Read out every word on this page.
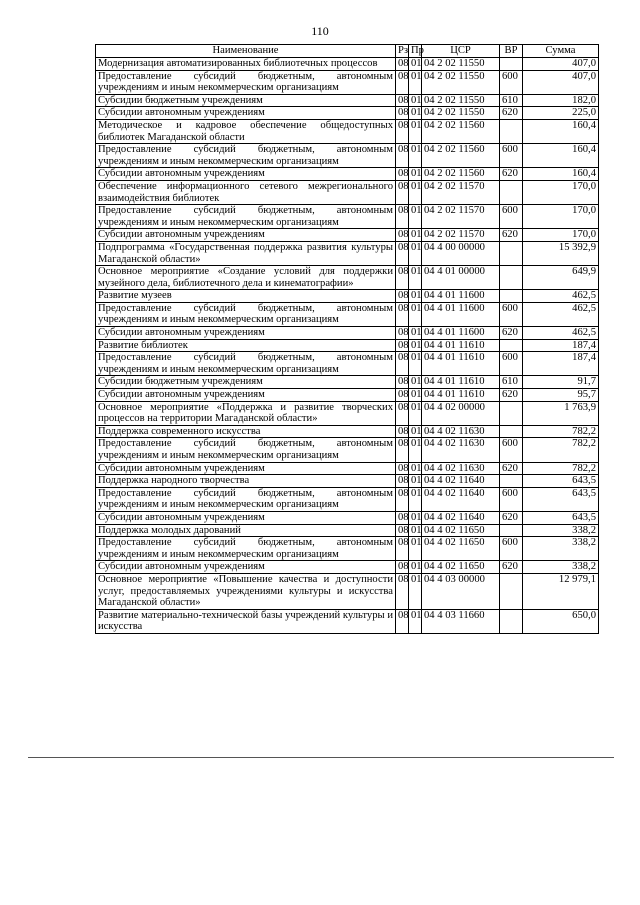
110
Наименование	Рз	Пр	ЦСР	ВР	Сумма
Модернизация автоматизированных библиотечных процессов	08	01	04 2 02 11550		407,0
Предоставление субсидий бюджетным, автономным учреждениям и иным некоммерческим организациям	08	01	04 2 02 11550	600	407,0
Субсидии бюджетным учреждениям	08	01	04 2 02 11550	610	182,0
Субсидии автономным учреждениям	08	01	04 2 02 11550	620	225,0
Методическое и кадровое обеспечение общедоступных библиотек Магаданской области	08	01	04 2 02 11560		160,4
Предоставление субсидий бюджетным, автономным учреждениям и иным некоммерческим организациям	08	01	04 2 02 11560	600	160,4
Субсидии автономным учреждениям	08	01	04 2 02 11560	620	160,4
Обеспечение информационного сетевого межрегионального взаимодействия библиотек	08	01	04 2 02 11570		170,0
Предоставление субсидий бюджетным, автономным учреждениям и иным некоммерческим организациям	08	01	04 2 02 11570	600	170,0
Субсидии автономным учреждениям	08	01	04 2 02 11570	620	170,0
Подпрограмма «Государственная поддержка развития культуры Магаданской области»	08	01	04 4 00 00000		15 392,9
Основное мероприятие «Создание условий для поддержки музейного дела, библиотечного дела и кинематографии»	08	01	04 4 01 00000		649,9
Развитие музеев	08	01	04 4 01 11600		462,5
Предоставление субсидий бюджетным, автономным учреждениям и иным некоммерческим организациям	08	01	04 4 01 11600	600	462,5
Субсидии автономным учреждениям	08	01	04 4 01 11600	620	462,5
Развитие библиотек	08	01	04 4 01 11610		187,4
Предоставление субсидий бюджетным, автономным учреждениям и иным некоммерческим организациям	08	01	04 4 01 11610	600	187,4
Субсидии бюджетным учреждениям	08	01	04 4 01 11610	610	91,7
Субсидии автономным учреждениям	08	01	04 4 01 11610	620	95,7
Основное мероприятие «Поддержка и развитие творческих процессов на территории Магаданской области»	08	01	04 4 02 00000		1 763,9
Поддержка современного искусства	08	01	04 4 02 11630		782,2
Предоставление субсидий бюджетным, автономным учреждениям и иным некоммерческим организациям	08	01	04 4 02 11630	600	782,2
Субсидии автономным учреждениям	08	01	04 4 02 11630	620	782,2
Поддержка народного творчества	08	01	04 4 02 11640		643,5
Предоставление субсидий бюджетным, автономным учреждениям и иным некоммерческим организациям	08	01	04 4 02 11640	600	643,5
Субсидии автономным учреждениям	08	01	04 4 02 11640	620	643,5
Поддержка молодых дарований	08	01	04 4 02 11650		338,2
Предоставление субсидий бюджетным, автономным учреждениям и иным некоммерческим организациям	08	01	04 4 02 11650	600	338,2
Субсидии автономным учреждениям	08	01	04 4 02 11650	620	338,2
Основное мероприятие «Повышение качества и доступности услуг, предоставляемых учреждениями культуры и искусства Магаданской области»	08	01	04 4 03 00000		12 979,1
Развитие материально-технической базы учреждений культуры и искусства	08	01	04 4 03 11660		650,0
